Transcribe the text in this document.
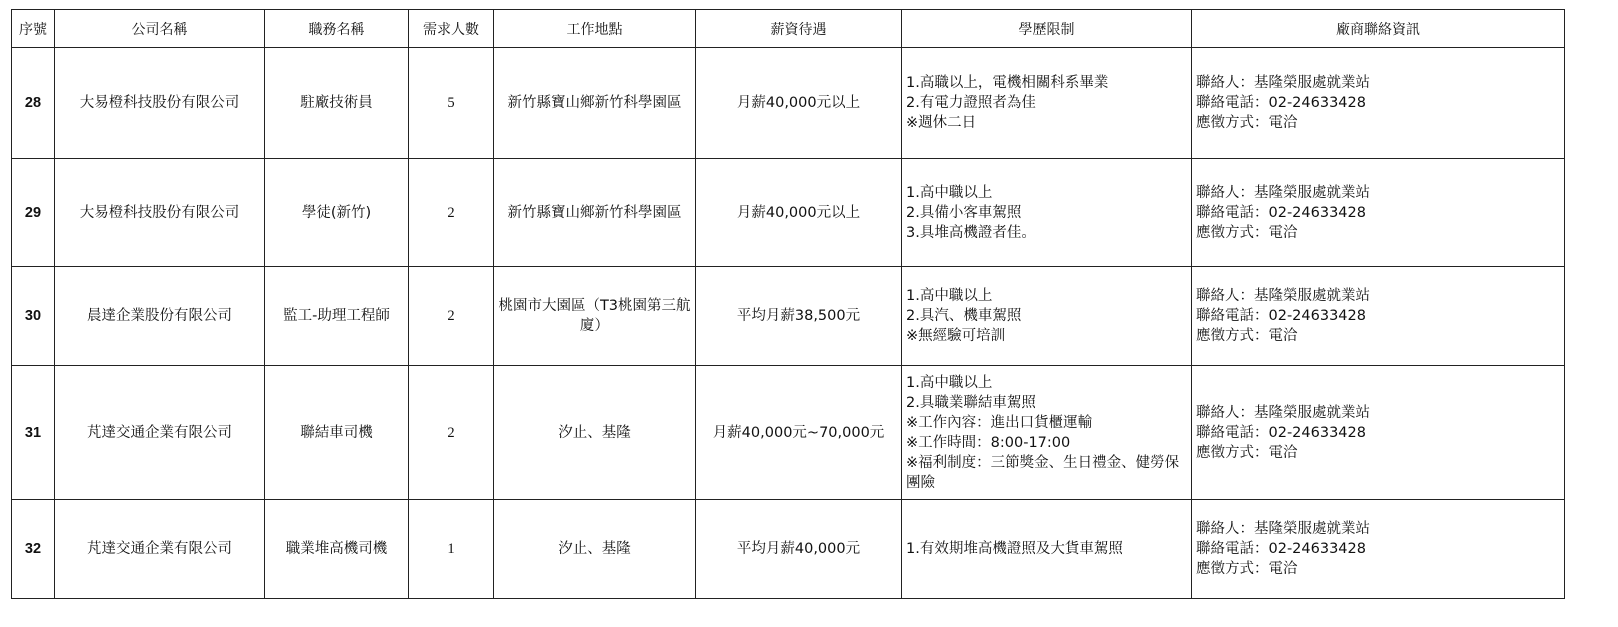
序號	公司名稱	職務名稱	需求人數	工作地點	薪資待遇	學歷限制	廠商聯絡資訊
28	大易橙科技股份有限公司	駐廠技術員	5	新竹縣寶山鄉新竹科學園區	月薪40,000元以上	1.高職以上，電機相關科系畢業
2.有電力證照者為佳
※週休二日	聯絡人：基隆榮服處就業站
聯絡電話：02-24633428
應徵方式：電洽
29	大易橙科技股份有限公司	學徒(新竹)	2	新竹縣寶山鄉新竹科學園區	月薪40,000元以上	1.高中職以上
2.具備小客車駕照
3.具堆高機證者佳。	聯絡人：基隆榮服處就業站
聯絡電話：02-24633428
應徵方式：電洽
30	晨達企業股份有限公司	監工-助理工程師	2	桃園市大園區（T3桃園第三航廈）	平均月薪38,500元	1.高中職以上
2.具汽、機車駕照
※無經驗可培訓	聯絡人：基隆榮服處就業站
聯絡電話：02-24633428
應徵方式：電洽
31	芃達交通企業有限公司	聯結車司機	2	汐止、基隆	月薪40,000元~70,000元	1.高中職以上
2.具職業聯結車駕照
※工作內容：進出口貨櫃運輸
※工作時間：8:00-17:00
※福利制度：三節獎金、生日禮金、健勞保團險	聯絡人：基隆榮服處就業站
聯絡電話：02-24633428
應徵方式：電洽
32	芃達交通企業有限公司	職業堆高機司機	1	汐止、基隆	平均月薪40,000元	1.有效期堆高機證照及大貨車駕照	聯絡人：基隆榮服處就業站
聯絡電話：02-24633428
應徵方式：電洽
